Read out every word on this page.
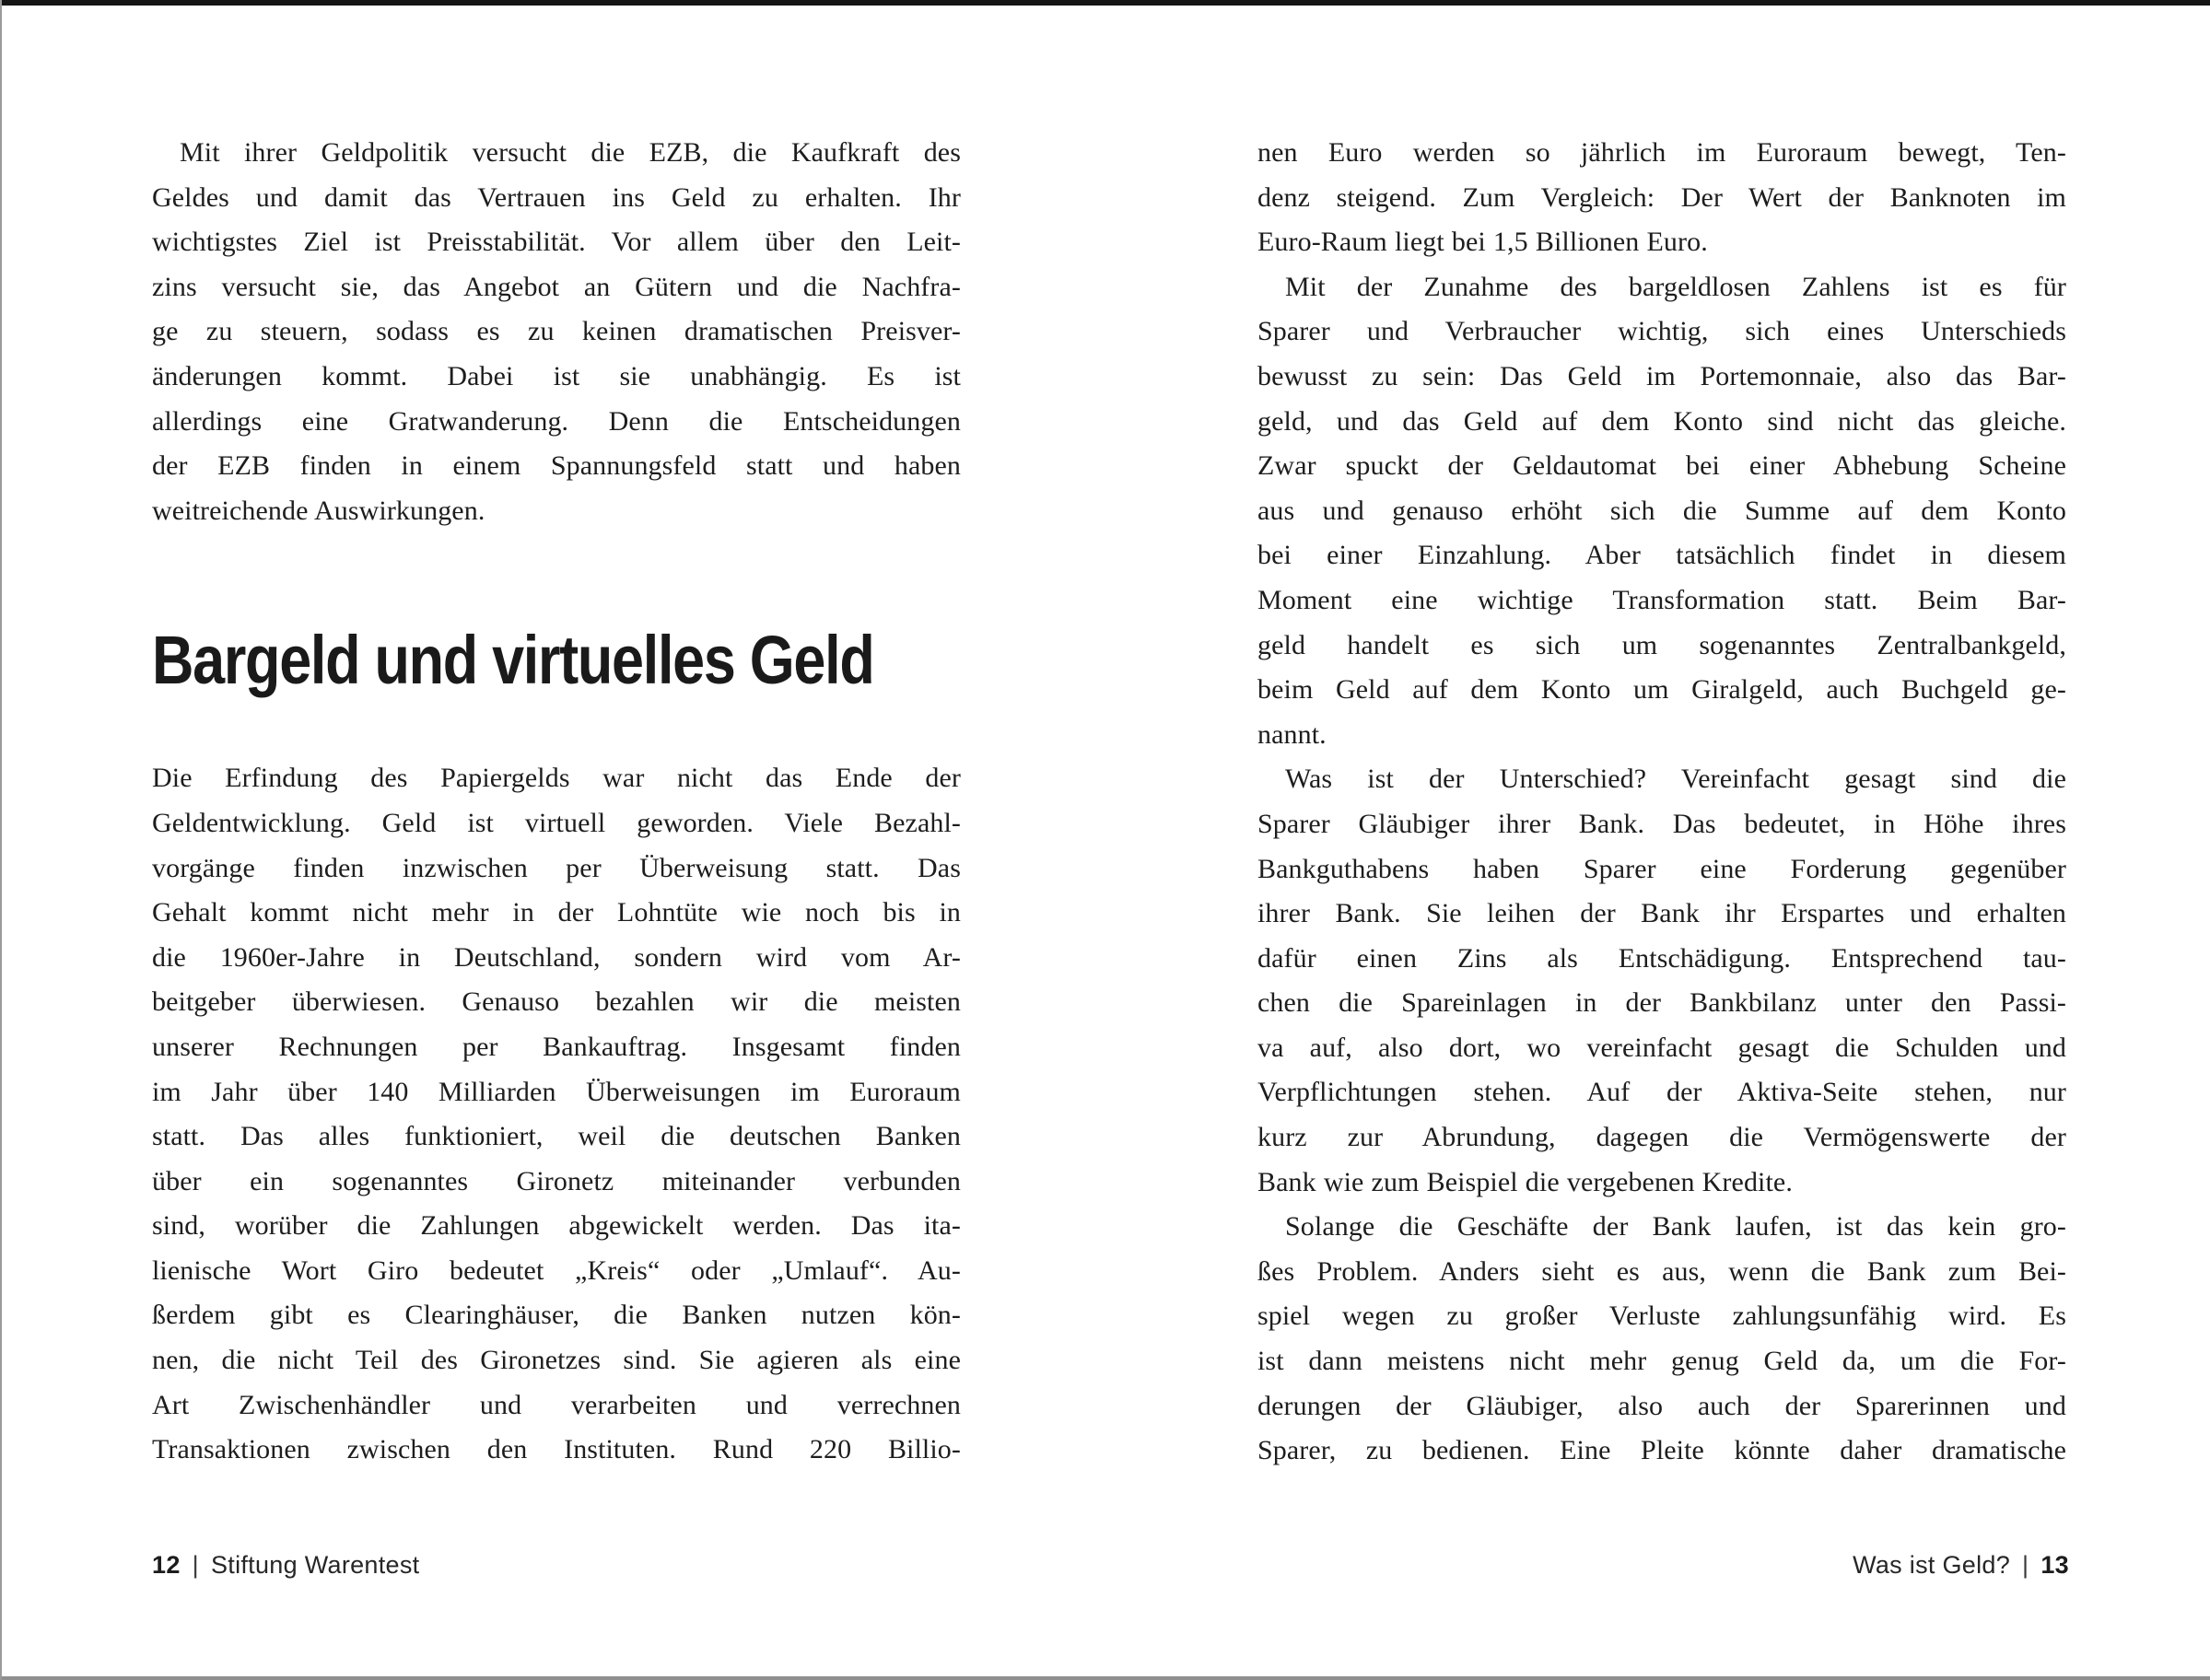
Mit ihrer Geldpolitik versucht die EZB, die Kaufkraft des
Geldes und damit das Vertrauen ins Geld zu erhalten. Ihr
wichtigstes Ziel ist Preisstabilität. Vor allem über den Leit-
zins versucht sie, das Angebot an Gütern und die Nachfra-
ge zu steuern, sodass es zu keinen dramatischen Preisver-
änderungen kommt. Dabei ist sie unabhängig. Es ist
allerdings eine Gratwanderung. Denn die Entscheidungen
der EZB finden in einem Spannungsfeld statt und haben
weitreichende Auswirkungen.
Bargeld und virtuelles Geld
Die Erfindung des Papiergelds war nicht das Ende der
Geldentwicklung. Geld ist virtuell geworden. Viele Bezahl-
vorgänge finden inzwischen per Überweisung statt. Das
Gehalt kommt nicht mehr in der Lohntüte wie noch bis in
die 1960er-Jahre in Deutschland, sondern wird vom Ar-
beitgeber überwiesen. Genauso bezahlen wir die meisten
unserer Rechnungen per Bankauftrag. Insgesamt finden
im Jahr über 140 Milliarden Überweisungen im Euroraum
statt. Das alles funktioniert, weil die deutschen Banken
über ein sogenanntes Gironetz miteinander verbunden
sind, worüber die Zahlungen abgewickelt werden. Das ita-
lienische Wort Giro bedeutet „Kreis“ oder „Umlauf“. Au-
ßerdem gibt es Clearinghäuser, die Banken nutzen kön-
nen, die nicht Teil des Gironetzes sind. Sie agieren als eine
Art Zwischenhändler und verarbeiten und verrechnen
Transaktionen zwischen den Instituten. Rund 220 Billio-
nen Euro werden so jährlich im Euroraum bewegt, Ten-
denz steigend. Zum Vergleich: Der Wert der Banknoten im
Euro-Raum liegt bei 1,5 Billionen Euro.
Mit der Zunahme des bargeldlosen Zahlens ist es für
Sparer und Verbraucher wichtig, sich eines Unterschieds
bewusst zu sein: Das Geld im Portemonnaie, also das Bar-
geld, und das Geld auf dem Konto sind nicht das gleiche.
Zwar spuckt der Geldautomat bei einer Abhebung Scheine
aus und genauso erhöht sich die Summe auf dem Konto
bei einer Einzahlung. Aber tatsächlich findet in diesem
Moment eine wichtige Transformation statt. Beim Bar-
geld handelt es sich um sogenanntes Zentralbankgeld,
beim Geld auf dem Konto um Giralgeld, auch Buchgeld ge-
nannt.
Was ist der Unterschied? Vereinfacht gesagt sind die
Sparer Gläubiger ihrer Bank. Das bedeutet, in Höhe ihres
Bankguthabens haben Sparer eine Forderung gegenüber
ihrer Bank. Sie leihen der Bank ihr Erspartes und erhalten
dafür einen Zins als Entschädigung. Entsprechend tau-
chen die Spareinlagen in der Bankbilanz unter den Passi-
va auf, also dort, wo vereinfacht gesagt die Schulden und
Verpflichtungen stehen. Auf der Aktiva-Seite stehen, nur
kurz zur Abrundung, dagegen die Vermögenswerte der
Bank wie zum Beispiel die vergebenen Kredite.
Solange die Geschäfte der Bank laufen, ist das kein gro-
ßes Problem. Anders sieht es aus, wenn die Bank zum Bei-
spiel wegen zu großer Verluste zahlungsunfähig wird. Es
ist dann meistens nicht mehr genug Geld da, um die For-
derungen der Gläubiger, also auch der Sparerinnen und
Sparer, zu bedienen. Eine Pleite könnte daher dramatische
12 | Stiftung Warentest	Was ist Geld? | 13
